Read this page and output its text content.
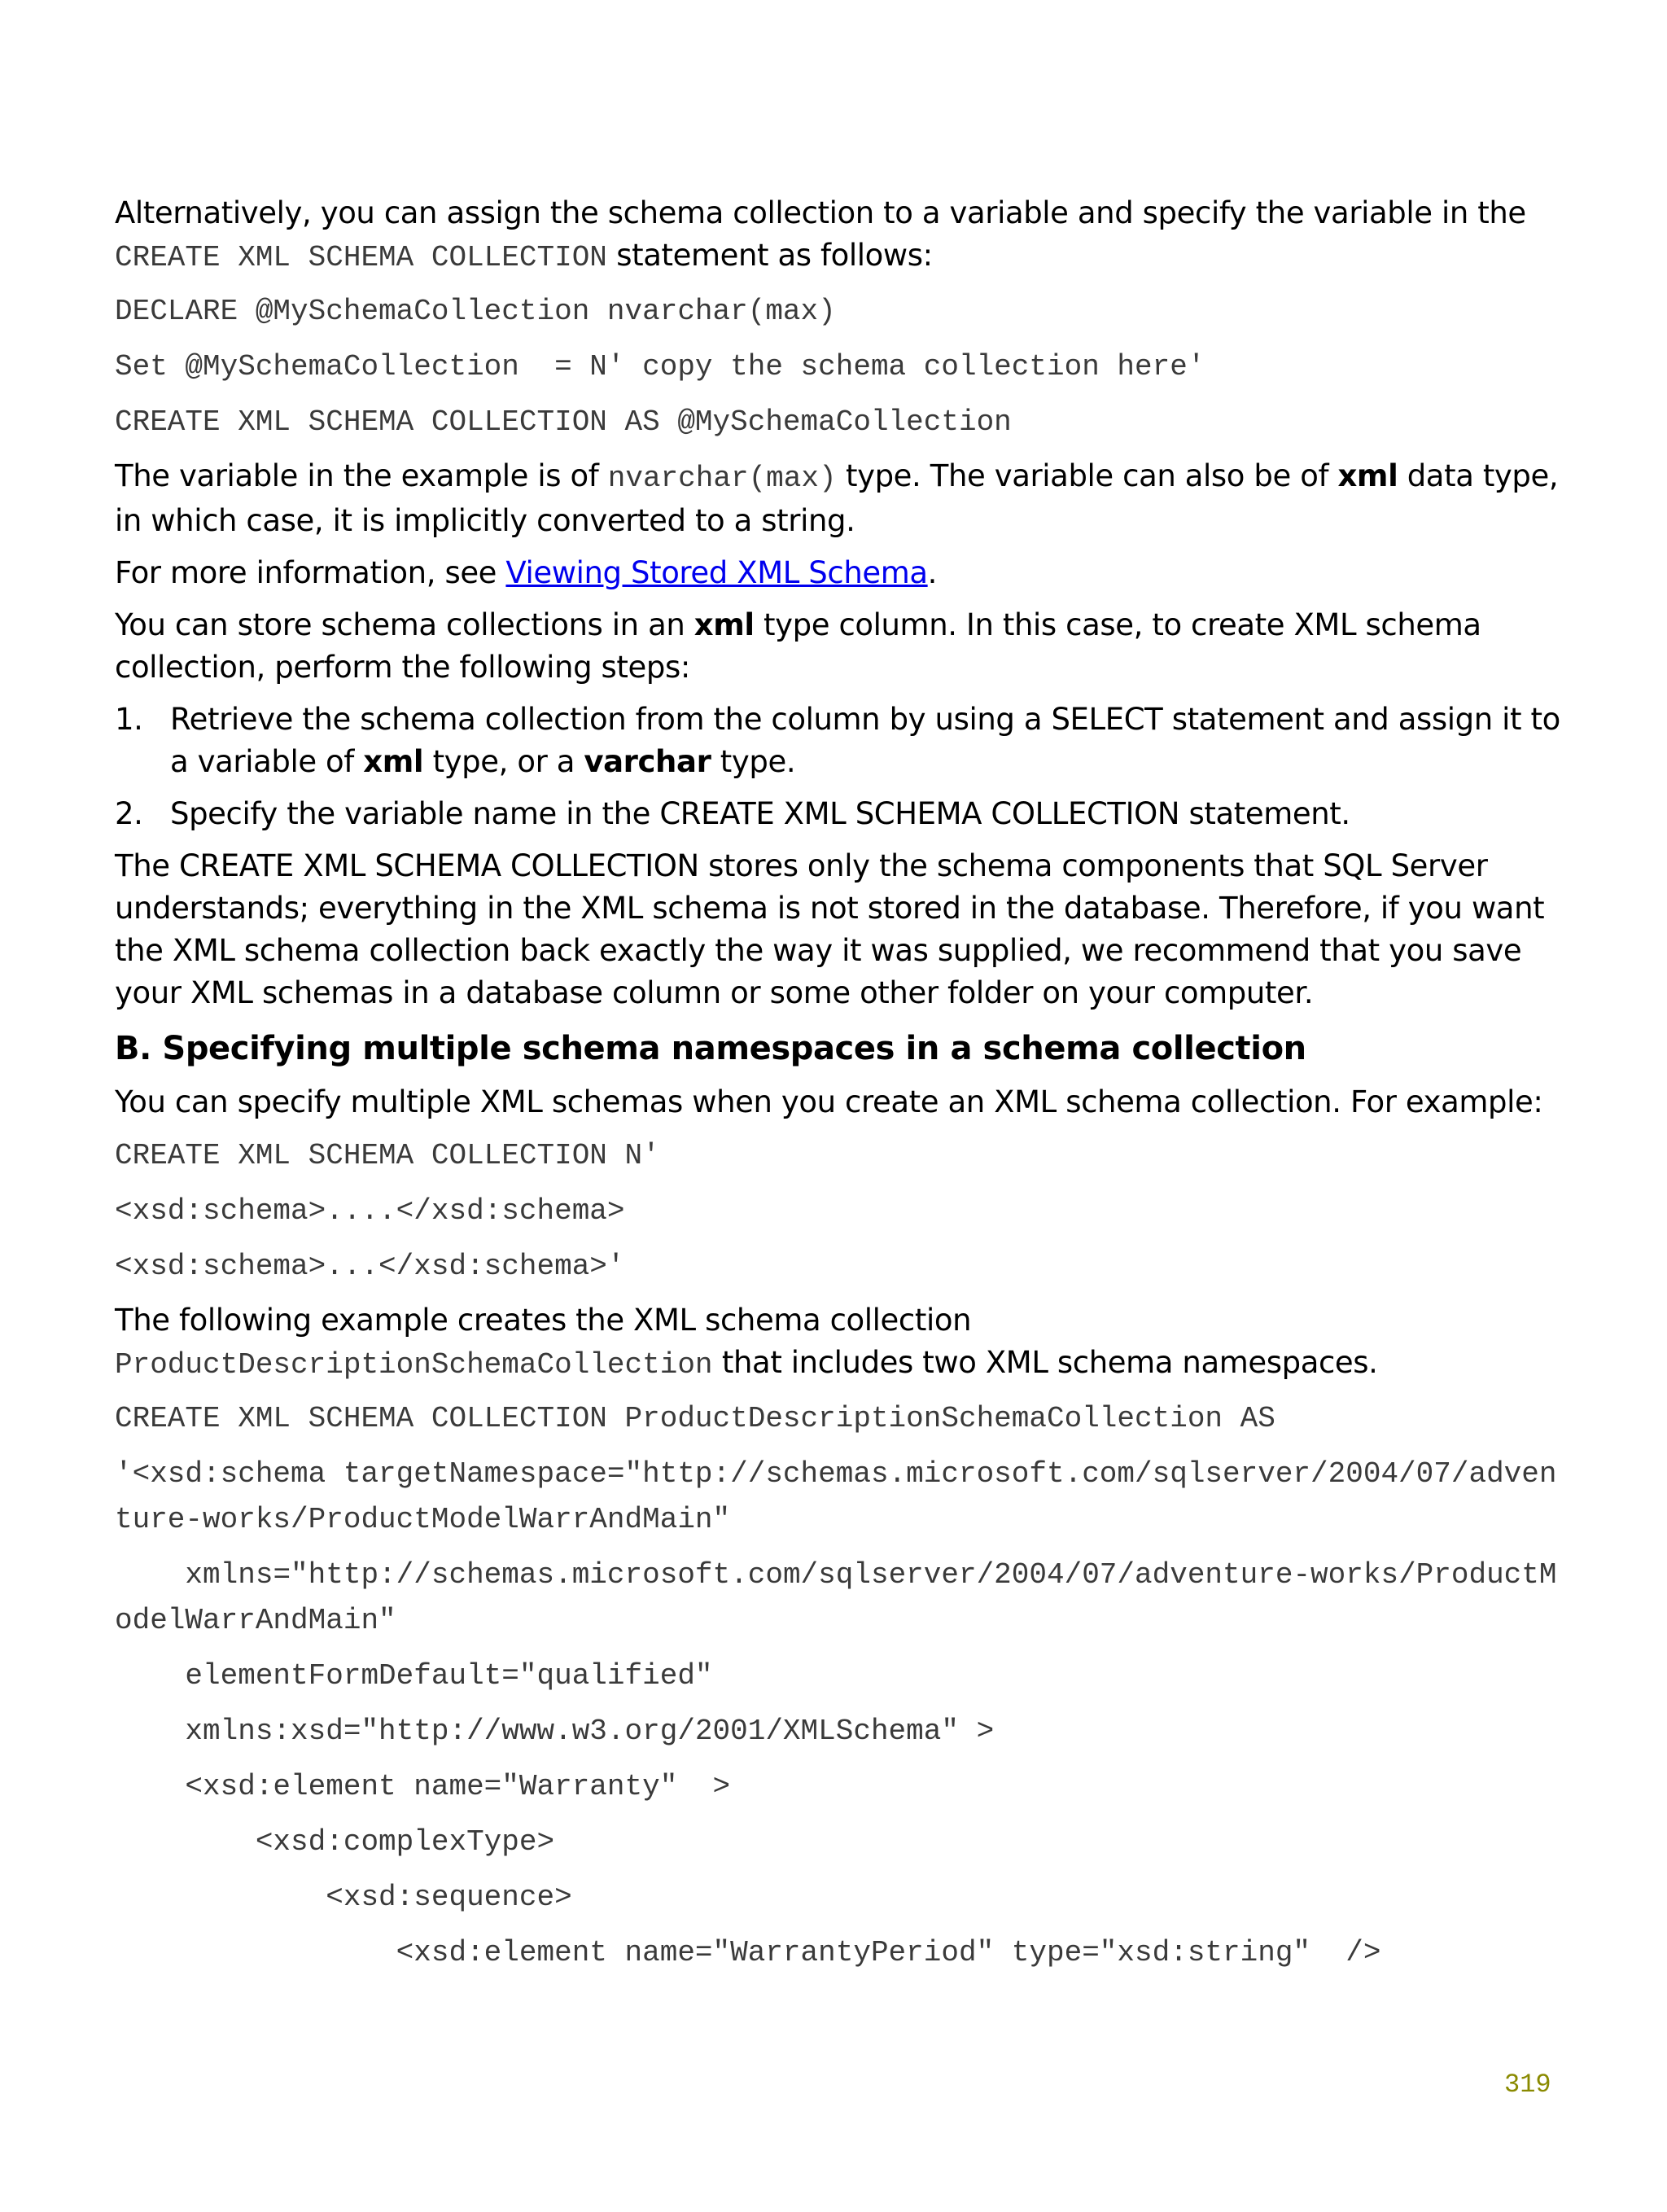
Alternatively, you can assign the schema collection to a variable and specify the variable in the CREATE XML SCHEMA COLLECTION statement as follows:

DECLARE @MySchemaCollection nvarchar(max)
Set @MySchemaCollection  = N' copy the schema collection here'
CREATE XML SCHEMA COLLECTION AS @MySchemaCollection

The variable in the example is of nvarchar(max) type. The variable can also be of xml data type, in which case, it is implicitly converted to a string.

For more information, see Viewing Stored XML Schema.

You can store schema collections in an xml type column. In this case, to create XML schema collection, perform the following steps:

1. Retrieve the schema collection from the column by using a SELECT statement and assign it to a variable of xml type, or a varchar type.
2. Specify the variable name in the CREATE XML SCHEMA COLLECTION statement.

The CREATE XML SCHEMA COLLECTION stores only the schema components that SQL Server understands; everything in the XML schema is not stored in the database. Therefore, if you want the XML schema collection back exactly the way it was supplied, we recommend that you save your XML schemas in a database column or some other folder on your computer.

B. Specifying multiple schema namespaces in a schema collection

You can specify multiple XML schemas when you create an XML schema collection. For example:

CREATE XML SCHEMA COLLECTION N'
<xsd:schema>....</xsd:schema>
<xsd:schema>...</xsd:schema>'

The following example creates the XML schema collection ProductDescriptionSchemaCollection that includes two XML schema namespaces.

CREATE XML SCHEMA COLLECTION ProductDescriptionSchemaCollection AS
'<xsd:schema targetNamespace="http://schemas.microsoft.com/sqlserver/2004/07/adventure-works/ProductModelWarrAndMain"
xmlns="http://schemas.microsoft.com/sqlserver/2004/07/adventure-works/ProductModelWarrAndMain"
elementFormDefault="qualified"
xmlns:xsd="http://www.w3.org/2001/XMLSchema" >
<xsd:element name="Warranty"  >
<xsd:complexType>
<xsd:sequence>
<xsd:element name="WarrantyPeriod" type="xsd:string"  />
319
